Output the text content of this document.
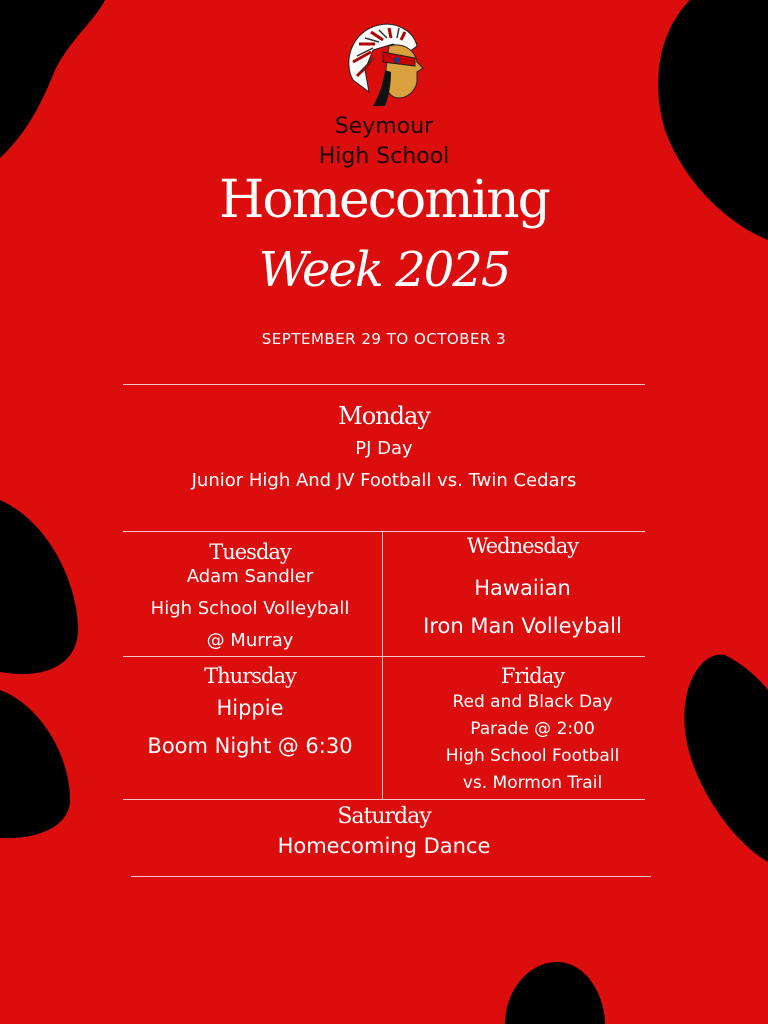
Seymour
High School
Homecoming
Week 2025
SEPTEMBER 29 TO OCTOBER 3
Monday
PJ Day
Junior High And JV Football vs. Twin Cedars
Tuesday
Adam Sandler
High School Volleyball
@ Murray
Wednesday
Hawaiian
Iron Man Volleyball
Thursday
Hippie
Boom Night @ 6:30
Friday
Red and Black Day
Parade @ 2:00
High School Football
vs. Mormon Trail
Saturday
Homecoming Dance
